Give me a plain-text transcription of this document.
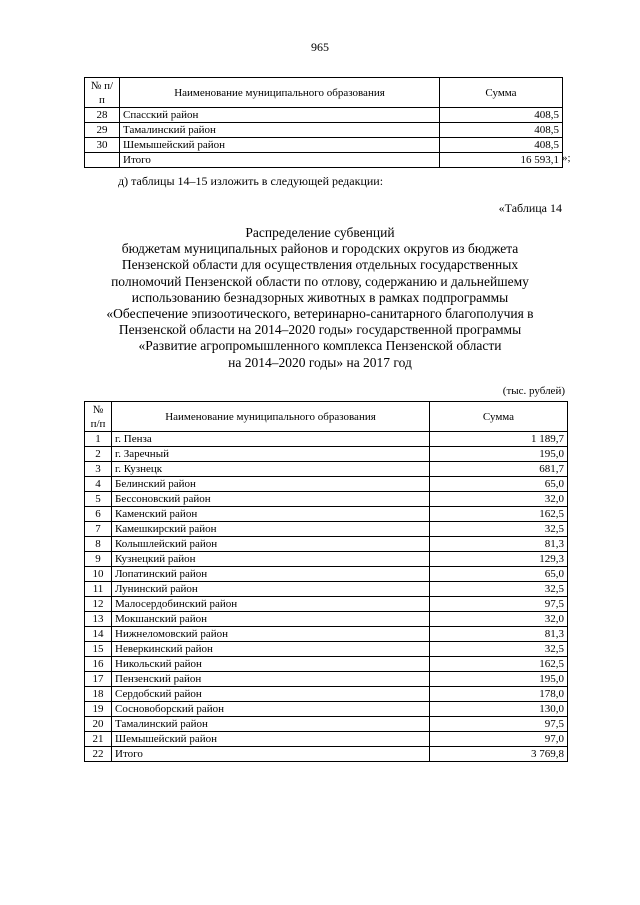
965
№ п/п	Наименование муниципального образования	Сумма
28	Спасский район	408,5
29	Тамалинский район	408,5
30	Шемышейский район	408,5
	Итого	16 593,1 »;
д) таблицы 14–15 изложить в следующей редакции:
«Таблица 14
Распределение субвенций
бюджетам муниципальных районов и городских округов из бюджета
Пензенской области для осуществления отдельных государственных
полномочий Пензенской области по отлову, содержанию и дальнейшему
использованию безнадзорных животных в рамках подпрограммы
«Обеспечение эпизоотического, ветеринарно-санитарного благополучия в
Пензенской области на 2014–2020 годы» государственной программы
«Развитие агропромышленного комплекса Пензенской области
на 2014–2020 годы» на 2017 год
(тыс. рублей)
№ п/п	Наименование муниципального образования	Сумма
1	г. Пенза	1 189,7
2	г. Заречный	195,0
3	г. Кузнецк	681,7
4	Белинский район	65,0
5	Бессоновский район	32,0
6	Каменский район	162,5
7	Камешкирский район	32,5
8	Колышлейский район	81,3
9	Кузнецкий район	129,3
10	Лопатинский район	65,0
11	Лунинский район	32,5
12	Малосердобинский район	97,5
13	Мокшанский район	32,0
14	Нижнеломовский район	81,3
15	Неверкинский район	32,5
16	Никольский район	162,5
17	Пензенский район	195,0
18	Сердобский район	178,0
19	Сосновоборский район	130,0
20	Тамалинский район	97,5
21	Шемышейский район	97,0
22	Итого	3 769,8
